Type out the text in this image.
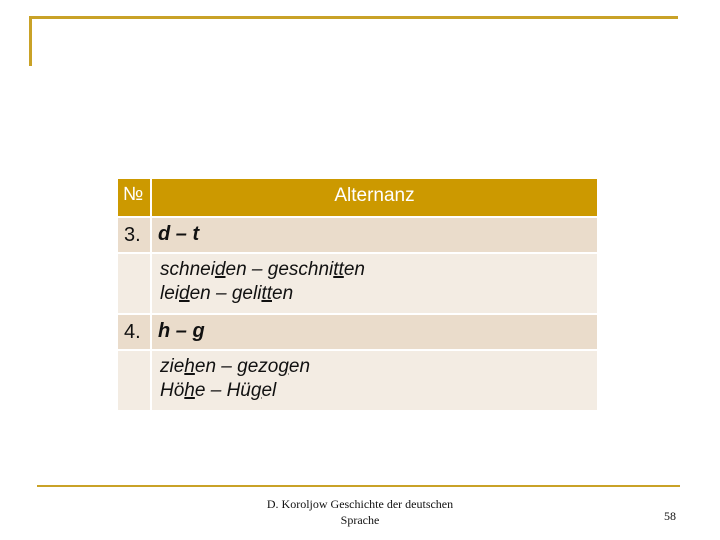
№	Alternanz
3.	d – t

	schneiden – geschnitten
leiden – gelitten

4.	h – g

	ziehen – gezogen
Höhe – Hügel
D. Koroljow Geschichte der deutschen
Sprache	58
